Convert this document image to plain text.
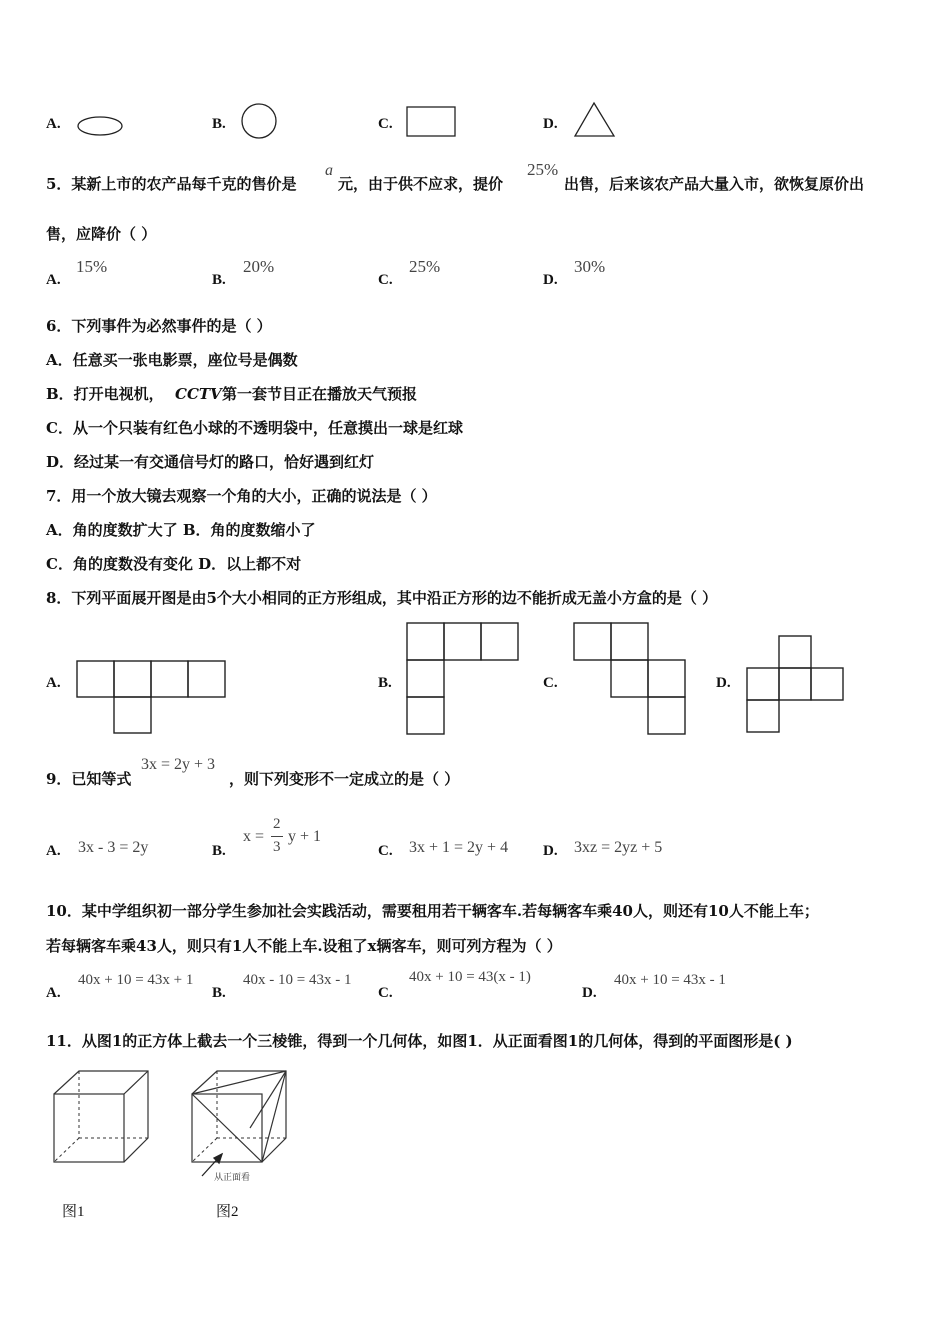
A.	B.	C.	D.
5．某新上市的农产品每千克的售价是
a
元，由于供不应求，提价
25%
出售，后来该农产品大量入市，欲恢复原价出
售，应降价（ ）
A.
15%
B.
20%
C.
25%
D.
30%
6．下列事件为必然事件的是（ ）
A．任意买一张电影票，座位号是偶数
B．打开电视机， CCTV 第一套节目正在播放天气预报
C．从一个只装有红色小球的不透明袋中，任意摸出一球是红球
D．经过某一有交通信号灯的路口，恰好遇到红灯
7．用一个放大镜去观察一个角的大小，正确的说法是（ ）
A．角的度数扩大了 B．角的度数缩小了
C．角的度数没有变化 D．以上都不对
8．下列平面展开图是由5个大小相同的正方形组成，其中沿正方形的边不能折成无盖小方盒的是（ ）
A.	B.	C.	D.
9．已知等式
3x = 2y + 3
，则下列变形不一定成立的是（ ）
A. 3x - 3 = 2y	B.
x =
2
3
y + 1
C. 3x + 1 = 2y + 4 D. 3xz = 2yz + 5
10．某中学组织初一部分学生参加社会实践活动，需要租用若干辆客车.若每辆客车乘40人，则还有10人不能上车；
若每辆客车乘43人，则只有1人不能上车.设租了x辆客车，则可列方程为（ ）
A.
40x + 10 = 43x + 1
B.
40x - 10 = 43x - 1
C.
40x + 10 = 43(x - 1)
D.
40x + 10 = 43x - 1
11．从图1的正方体上截去一个三棱锥，得到一个几何体，如图1．从正面看图1的几何体，得到的平面图形是( )
从正面看
图1	图2
